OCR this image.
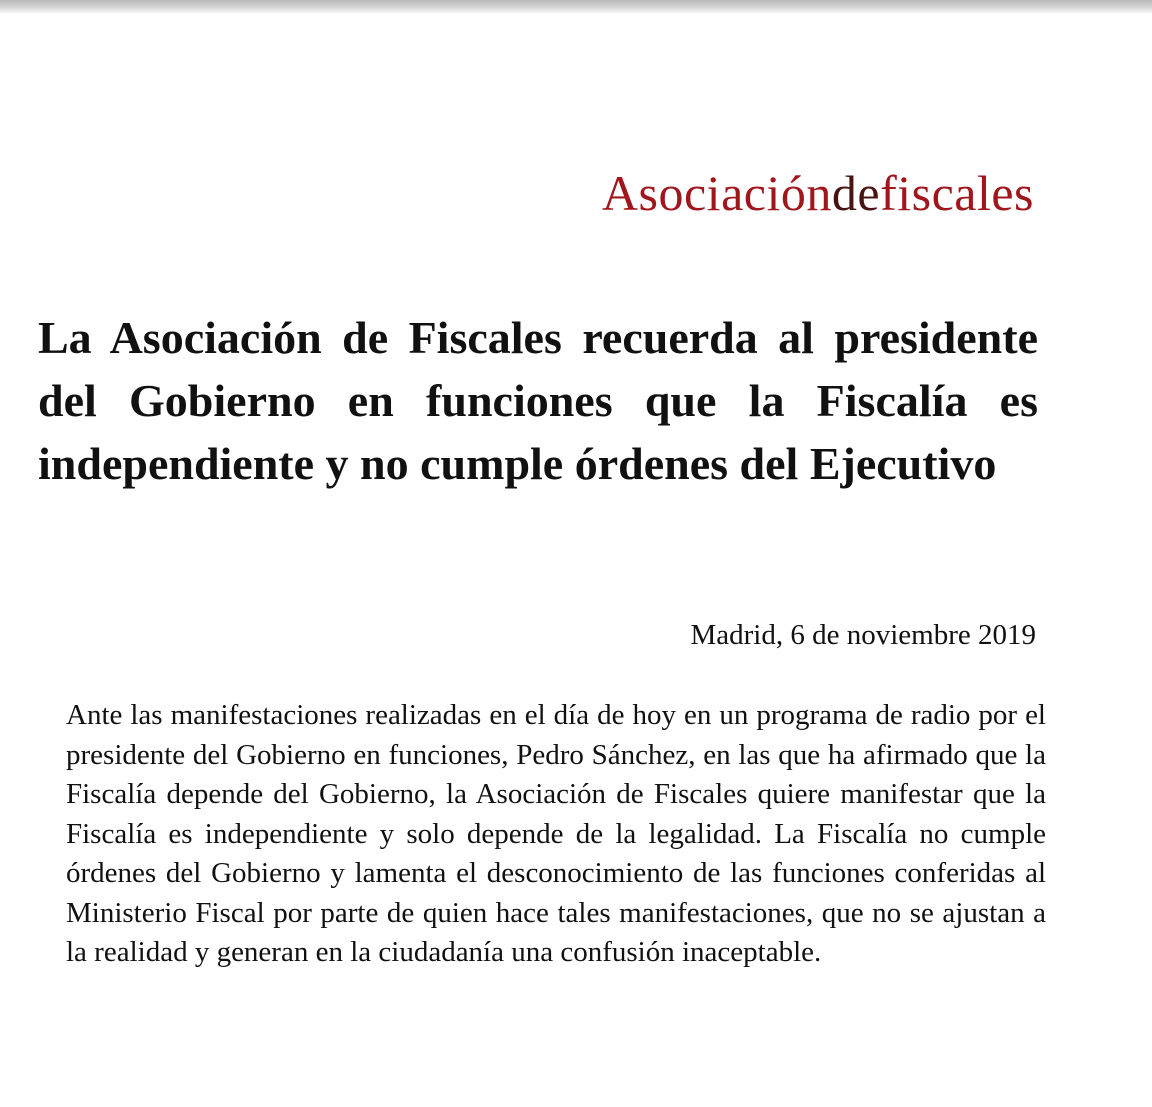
Asociacióndefiscales
La Asociación de Fiscales recuerda al presidente del Gobierno en funciones que la Fiscalía es independiente y no cumple órdenes del Ejecutivo

Madrid, 6 de noviembre 2019

Ante las manifestaciones realizadas en el día de hoy en un programa de radio por el presidente del Gobierno en funciones, Pedro Sánchez, en las que ha afirmado que la Fiscalía depende del Gobierno, la Asociación de Fiscales quiere manifestar que la Fiscalía es independiente y solo depende de la legalidad. La Fiscalía no cumple órdenes del Gobierno y lamenta el desconocimiento de las funciones conferidas al Ministerio Fiscal por parte de quien hace tales manifestaciones, que no se ajustan a la realidad y generan en la ciudadanía una confusión inaceptable.
